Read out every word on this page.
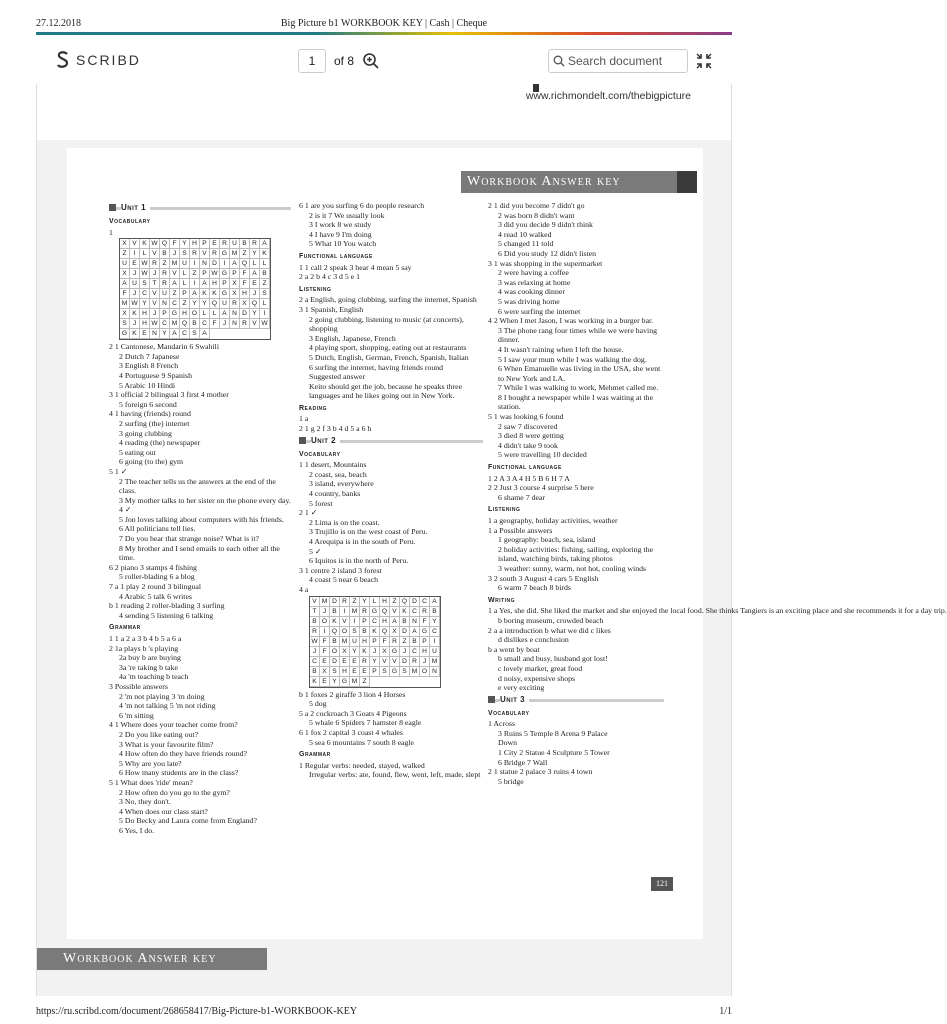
27.12.2018	Big Picture b1 WORKBOOK KEY | Cash | Cheque
SCRIBD	1	of 8	Search document
www.richmondelt.com/thebigpicture
Workbook Answer key
Unit 1
Vocabulary
1
X V K W Q F Y H P E R U B R A
Z	I	L V B J S R V R G M Z Y K
U E W R Z M U	I	N D	I	A Q L L
X J W J R V L Z P W G P F A B
A U S T R A L	I	A H P X F E Z
F J C V U Z P A K K G X H J S
M W Y V N C Z Y Y Q U R X Q L
X K H J P G H O L L A N D Y	I
S J H W C M Q B C F J N R V W
G K E N Y A C S A
2 1 Cantonese, Mandarin 6 Swahili
2 Dutch 7 Japanese
3 English 8 French
4 Portuguese 9 Spanish
5 Arabic 10 Hindi
3 1 official 2 bilingual 3 first 4 mother
5 foreign 6 second
4 1 having (friends) round
2 surfing (the) internet
3 going clubbing
4 reading (the) newspaper
5 eating out
6 going (to the) gym
5 1 ✓
2 The teacher tells us the answers at the end of the class.
3 My mother talks to her sister on the phone every day.
4 ✓
5 Jon loves talking about computers with his friends.
6 All politicians tell lies.
7 Do you hear that strange noise? What is it?
8 My brother and I send emails to each other all the time.
6 2 piano 3 stamps 4 fishing
5 roller-blading 6 a blog
7 a 1 play 2 round 3 bilingual
4 Arabic 5 talk 6 writes
b 1 reading 2 roller-blading 3 surfing
4 sending 5 listening 6 talking
Grammar
1 1 a 2 a 3 b 4 b 5 a 6 a
2 1a plays b 's playing
2a buy b are buying
3a 're taking b take
4a 'm teaching b teach
3 Possible answers
2 'm not playing 3 'm doing
4 'm not talking 5 'm not riding
6 'm sitting
4 1 Where does your teacher come from?
2 Do you like eating out?
3 What is your favourite film?
4 How often do they have friends round?
5 Why are you late?
6 How many students are in the class?
5 1 What does 'ride' mean?
2 How often do you go to the gym?
3 No, they don't.
4 When does our class start?
5 Do Becky and Laura come from England?
6 Yes, I do.
6 1 are you surfing 6 do people research
2 is it 7 We usually look
3 I work 8 we study
4 I have 9 I'm doing
5 What 10 You watch
Functional language
1 1 call 2 speak 3 hear 4 mean 5 say
2 a 2 b 4 c 3 d 5 e 1
Listening
2 a English, going clubbing, surfing the internet, Spanish
3 1 Spanish, English
2 going clubbing, listening to music (at concerts), shopping
3 English, Japanese, French
4 playing sport, shopping, eating out at restaurants
5 Dutch, English, German, French, Spanish, Italian
6 surfing the internet, having friends round
Suggested answer
Keito should get the job, because he speaks three languages and he likes going out in New York.
Reading
1 a
2 1 g 2 f 3 b 4 d 5 a 6 h
Unit 2
Vocabulary
1 1 desert, Mountains
2 coast, sea, beach
3 island, everywhere
4 country, banks
5 forest
2 1 ✓
2 Lima is on the coast.
3 Trujillo is on the west coast of Peru.
4 Arequipa is in the south of Peru.
5 ✓
6 Iquitos is in the north of Peru.
3 1 centre 2 island 3 forest
4 coast 5 near 6 beach
4 a
V M D R Z Y L H Z Q D C A
T J B	I M R G Q V K C R B
B O K V	I	P C H A B N F Y
R	I Q O S B K Q X D A G C
W F B M U H P F R Z B P	I
J F O X Y K J X G J C H U
C E D E E R Y V V D R J M
B X S H E E P S G S M O N
K E Y G M Z
b 1 foxes 2 giraffe 3 lion 4 Horses
5 dog
5 a 2 cockroach 3 Goats 4 Pigeons
5 whale 6 Spiders 7 hamster 8 eagle
6 1 fox 2 capital 3 coast 4 whales
5 sea 6 mountains 7 south 8 eagle
Grammar
1 Regular verbs: needed, stayed, walked
Irregular verbs: ate, found, flew, went, left, made, slept
2 1 did you become 7 didn't go
2 was born 8 didn't want
3 did you decide 9 didn't think
4 read 10 walked
5 changed 11 told
6 Did you study 12 didn't listen
3 1 was shopping in the supermarket
2 were having a coffee
3 was relaxing at home
4 was cooking dinner
5 was driving home
6 were surfing the internet
4 2 When I met Jason, I was working in a burger bar.
3 The phone rang four times while we were having dinner.
4 It wasn't raining when I left the house.
5 I saw your mum while I was walking the dog.
6 When Emanuelle was living in the USA, she went to New York and LA.
7 While I was walking to work, Mehmet called me.
8 I bought a newspaper while I was waiting at the station.
5 1 was looking 6 found
2 saw 7 discovered
3 died 8 were getting
4 didn't take 9 took
5 were travelling 10 decided
Functional language
1 2 A 3 A 4 H 5 B 6 H 7 A
2 2 Just 3 course 4 surprise 5 here
6 shame 7 dear
Listening
1 a geography, holiday activities, weather
1 a Possible answers
1 geography: beach, sea, island
2 holiday activities: fishing, sailing, exploring the island, watching birds, taking photos
3 weather: sunny, warm, not hot, cooling winds
3 2 south 3 August 4 cars 5 English
6 warm 7 beach 8 birds
Writing
1 a Yes, she did. She liked the market and she enjoyed the local food. She thinks Tangiers is an exciting place and she recommends it for a day trip.
b boring museum, crowded beach
2 a a introduction b what we did c likes
d dislikes e conclusion
b a went by boat
b small and busy, husband got lost!
c lovely market, great food
d noisy, expensive shops
e very exciting
Unit 3
Vocabulary
1 Across
3 Ruins 5 Temple 8 Arena 9 Palace
Down
1 City 2 Statue 4 Sculpture 5 Tower
6 Bridge 7 Wall
2 1 statue 2 palace 3 ruins 4 town
5 bridge
121
Workbook Answer key
https://ru.scribd.com/document/268658417/Big-Picture-b1-WORKBOOK-KEY	1/1
